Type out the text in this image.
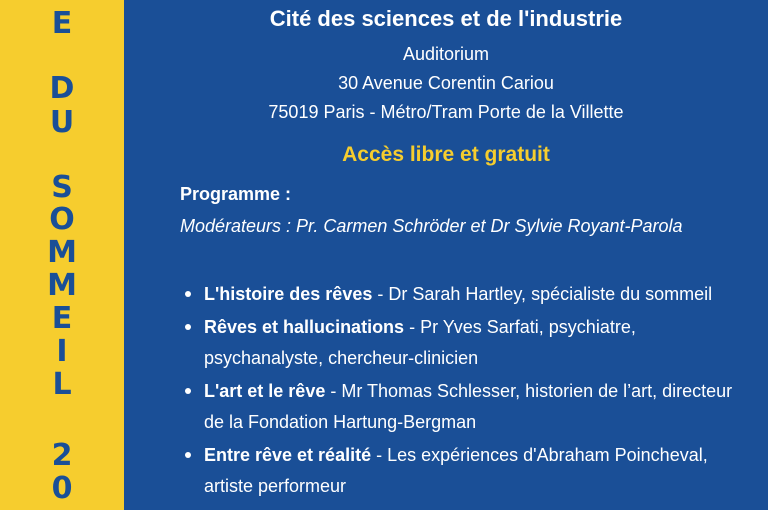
E
D
U
S
O
M
M
E
I
L
2
0
Cité des sciences et de l'industrie
Auditorium
30 Avenue Corentin Cariou
75019 Paris - Métro/Tram Porte de la Villette
Accès libre et gratuit
Programme :
Modérateurs : Pr. Carmen Schröder et Dr Sylvie Royant-Parola
L'histoire des rêves - Dr Sarah Hartley, spécialiste du sommeil
Rêves et hallucinations - Pr Yves Sarfati, psychiatre, psychanalyste, chercheur-clinicien
L'art et le rêve - Mr Thomas Schlesser, historien de l’art, directeur de la Fondation Hartung-Bergman
Entre rêve et réalité - Les expériences d'Abraham Poincheval, artiste performeur
